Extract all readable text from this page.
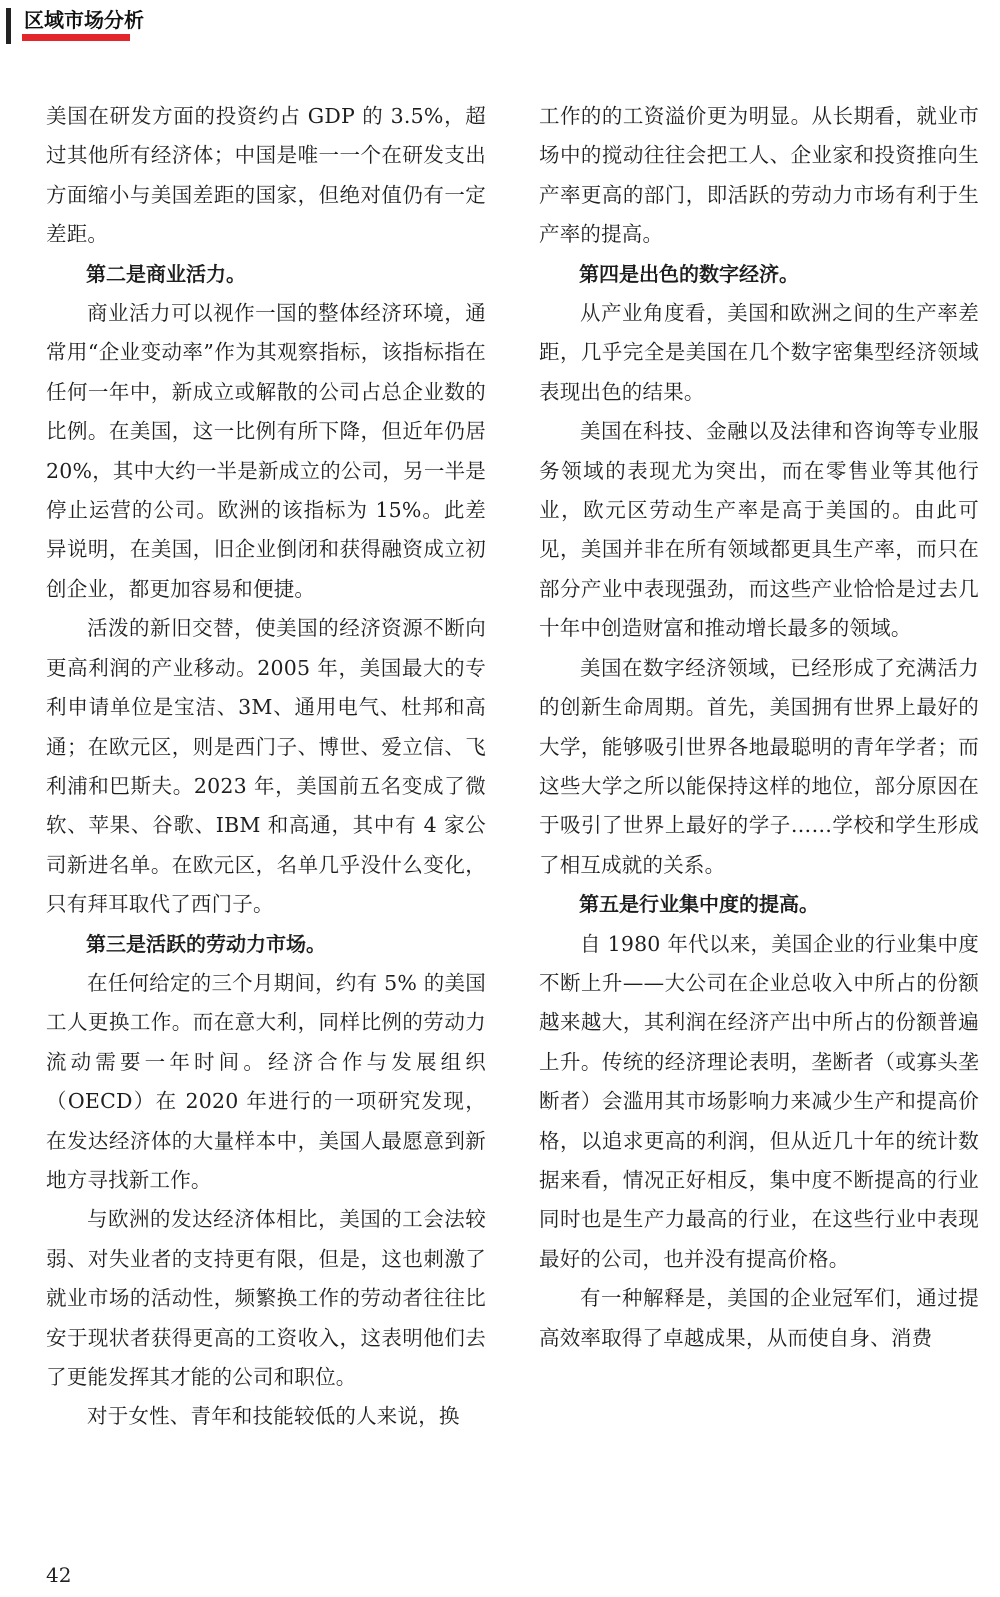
区域市场分析

美国在研发方面的投资约占 GDP 的 3.5%，超过其他所有经济体；中国是唯一一个在研发支出方面缩小与美国差距的国家，但绝对值仍有一定差距。

第二是商业活力。

商业活力可以视作一国的整体经济环境，通常用“企业变动率”作为其观察指标，该指标指在任何一年中，新成立或解散的公司占总企业数的比例。在美国，这一比例有所下降，但近年仍居 20%，其中大约一半是新成立的公司，另一半是停止运营的公司。欧洲的该指标为 15%。此差异说明，在美国，旧企业倒闭和获得融资成立初创企业，都更加容易和便捷。

活泼的新旧交替，使美国的经济资源不断向更高利润的产业移动。2005 年，美国最大的专利申请单位是宝洁、3M、通用电气、杜邦和高通；在欧元区，则是西门子、博世、爱立信、飞利浦和巴斯夫。2023 年，美国前五名变成了微软、苹果、谷歌、IBM 和高通，其中有 4 家公司新进名单。在欧元区，名单几乎没什么变化，只有拜耳取代了西门子。

第三是活跃的劳动力市场。

在任何给定的三个月期间，约有 5% 的美国工人更换工作。而在意大利，同样比例的劳动力流动需要一年时间。经济合作与发展组织（OECD）在 2020 年进行的一项研究发现，在发达经济体的大量样本中，美国人最愿意到新地方寻找新工作。

与欧洲的发达经济体相比，美国的工会法较弱、对失业者的支持更有限，但是，这也刺激了就业市场的活动性，频繁换工作的劳动者往往比安于现状者获得更高的工资收入，这表明他们去了更能发挥其才能的公司和职位。

对于女性、青年和技能较低的人来说，换

工作的的工资溢价更为明显。从长期看，就业市场中的搅动往往会把工人、企业家和投资推向生产率更高的部门，即活跃的劳动力市场有利于生产率的提高。

第四是出色的数字经济。

从产业角度看，美国和欧洲之间的生产率差距，几乎完全是美国在几个数字密集型经济领域表现出色的结果。

美国在科技、金融以及法律和咨询等专业服务领域的表现尤为突出，而在零售业等其他行业，欧元区劳动生产率是高于美国的。由此可见，美国并非在所有领域都更具生产率，而只在部分产业中表现强劲，而这些产业恰恰是过去几十年中创造财富和推动增长最多的领域。

美国在数字经济领域，已经形成了充满活力的创新生命周期。首先，美国拥有世界上最好的大学，能够吸引世界各地最聪明的青年学者；而这些大学之所以能保持这样的地位，部分原因在于吸引了世界上最好的学子……学校和学生形成了相互成就的关系。

第五是行业集中度的提高。

自 1980 年代以来，美国企业的行业集中度不断上升——大公司在企业总收入中所占的份额越来越大，其利润在经济产出中所占的份额普遍上升。传统的经济理论表明，垄断者（或寡头垄断者）会滥用其市场影响力来减少生产和提高价格，以追求更高的利润，但从近几十年的统计数据来看，情况正好相反，集中度不断提高的行业同时也是生产力最高的行业，在这些行业中表现最好的公司，也并没有提高价格。

有一种解释是，美国的企业冠军们，通过提高效率取得了卓越成果，从而使自身、消费

42
